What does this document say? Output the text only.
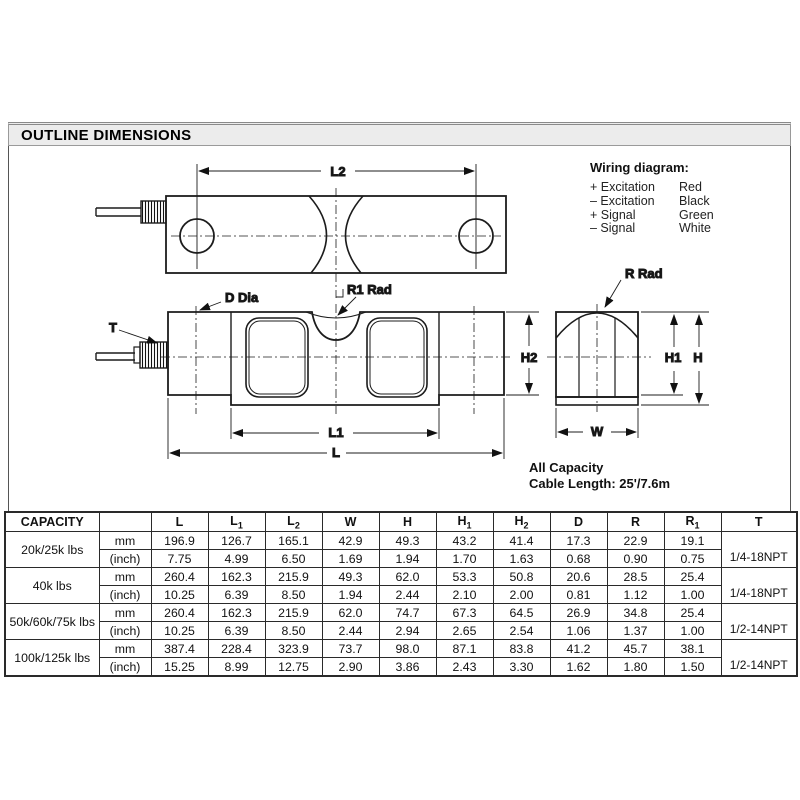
OUTLINE DIMENSIONS
L2
R1 Rad
T
D Dia
H2
L1
L
R Rad
W
H1 H
Wiring diagram:
+ Excitation	Red
– Excitation	Black
+ Signal	Green
– Signal	White
All Capacity
Cable Length: 25'/7.6m
CAPACITY		L	$L_1$	$L_2$	W	H	$H_1$	$H_2$	D	R	$R_1$	T
20k/25k lbs	mm	196.9	126.7	165.1	42.9	49.3	43.2	41.4	17.3	22.9	19.1	1/4-18NPT
	(inch)	7.75	4.99	6.50	1.69	1.94	1.70	1.63	0.68	0.90	0.75	
40k lbs	mm	260.4	162.3	215.9	49.3	62.0	53.3	50.8	20.6	28.5	25.4	1/4-18NPT
	(inch)	10.25	6.39	8.50	1.94	2.44	2.10	2.00	0.81	1.12	1.00	
50k/60k/75k lbs	mm	260.4	162.3	215.9	62.0	74.7	67.3	64.5	26.9	34.8	25.4	1/2-14NPT
	(inch)	10.25	6.39	8.50	2.44	2.94	2.65	2.54	1.06	1.37	1.00	
100k/125k lbs	mm	387.4	228.4	323.9	73.7	98.0	87.1	83.8	41.2	45.7	38.1	1/2-14NPT
	(inch)	15.25	8.99	12.75	2.90	3.86	2.43	3.30	1.62	1.80	1.50	
